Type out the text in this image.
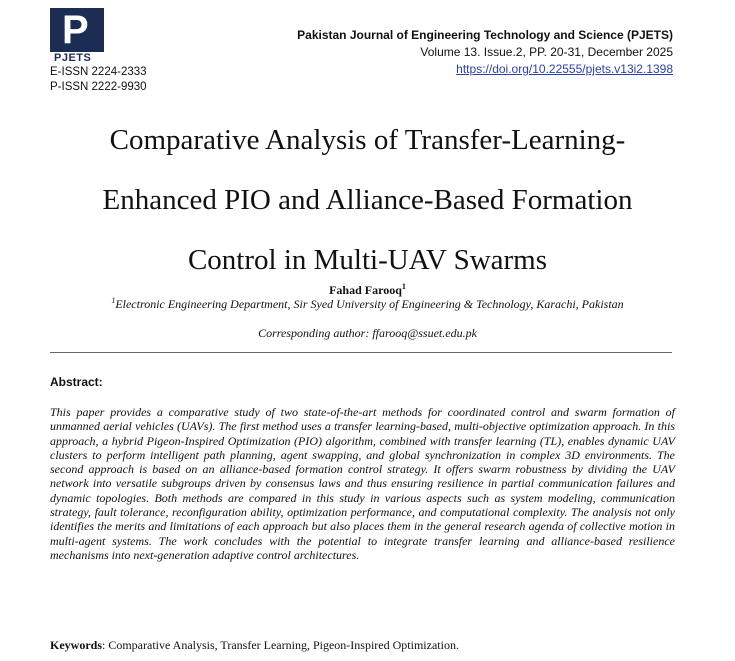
P
PJETS
E-ISSN 2224-2333
P-ISSN 2222-9930
Pakistan Journal of Engineering Technology and Science (PJETS)
Volume 13. Issue.2, PP. 20-31, December 2025
https://doi.org/10.22555/pjets.v13i2.1398
Comparative Analysis of Transfer-Learning-
Enhanced PIO and Alliance-Based Formation
Control in Multi-UAV Swarms
Fahad Farooq$^1$
$^1$Electronic Engineering Department, Sir Syed University of Engineering & Technology, Karachi, Pakistan
Corresponding author: ffarooq@ssuet.edu.pk
Abstract:

This paper provides a comparative study of two state-of-the-art methods for coordinated control and swarm formation of unmanned aerial vehicles (UAVs). The first method uses a transfer learning-based, multi-objective optimization approach. In this approach, a hybrid Pigeon-Inspired Optimization (PIO) algorithm, combined with transfer learning (TL), enables dynamic UAV clusters to perform intelligent path planning, agent swapping, and global synchronization in complex 3D environments. The second approach is based on an alliance-based formation control strategy. It offers swarm robustness by dividing the UAV network into versatile subgroups driven by consensus laws and thus ensuring resilience in partial communication failures and dynamic topologies. Both methods are compared in this study in various aspects such as system modeling, communication strategy, fault tolerance, reconfiguration ability, optimization performance, and computational complexity. The analysis not only identifies the merits and limitations of each approach but also places them in the general research agenda of collective motion in multi-agent systems. The work concludes with the potential to integrate transfer learning and alliance-based resilience mechanisms into next-generation adaptive control architectures.

Keywords: Comparative Analysis, Transfer Learning, Pigeon-Inspired Optimization.
